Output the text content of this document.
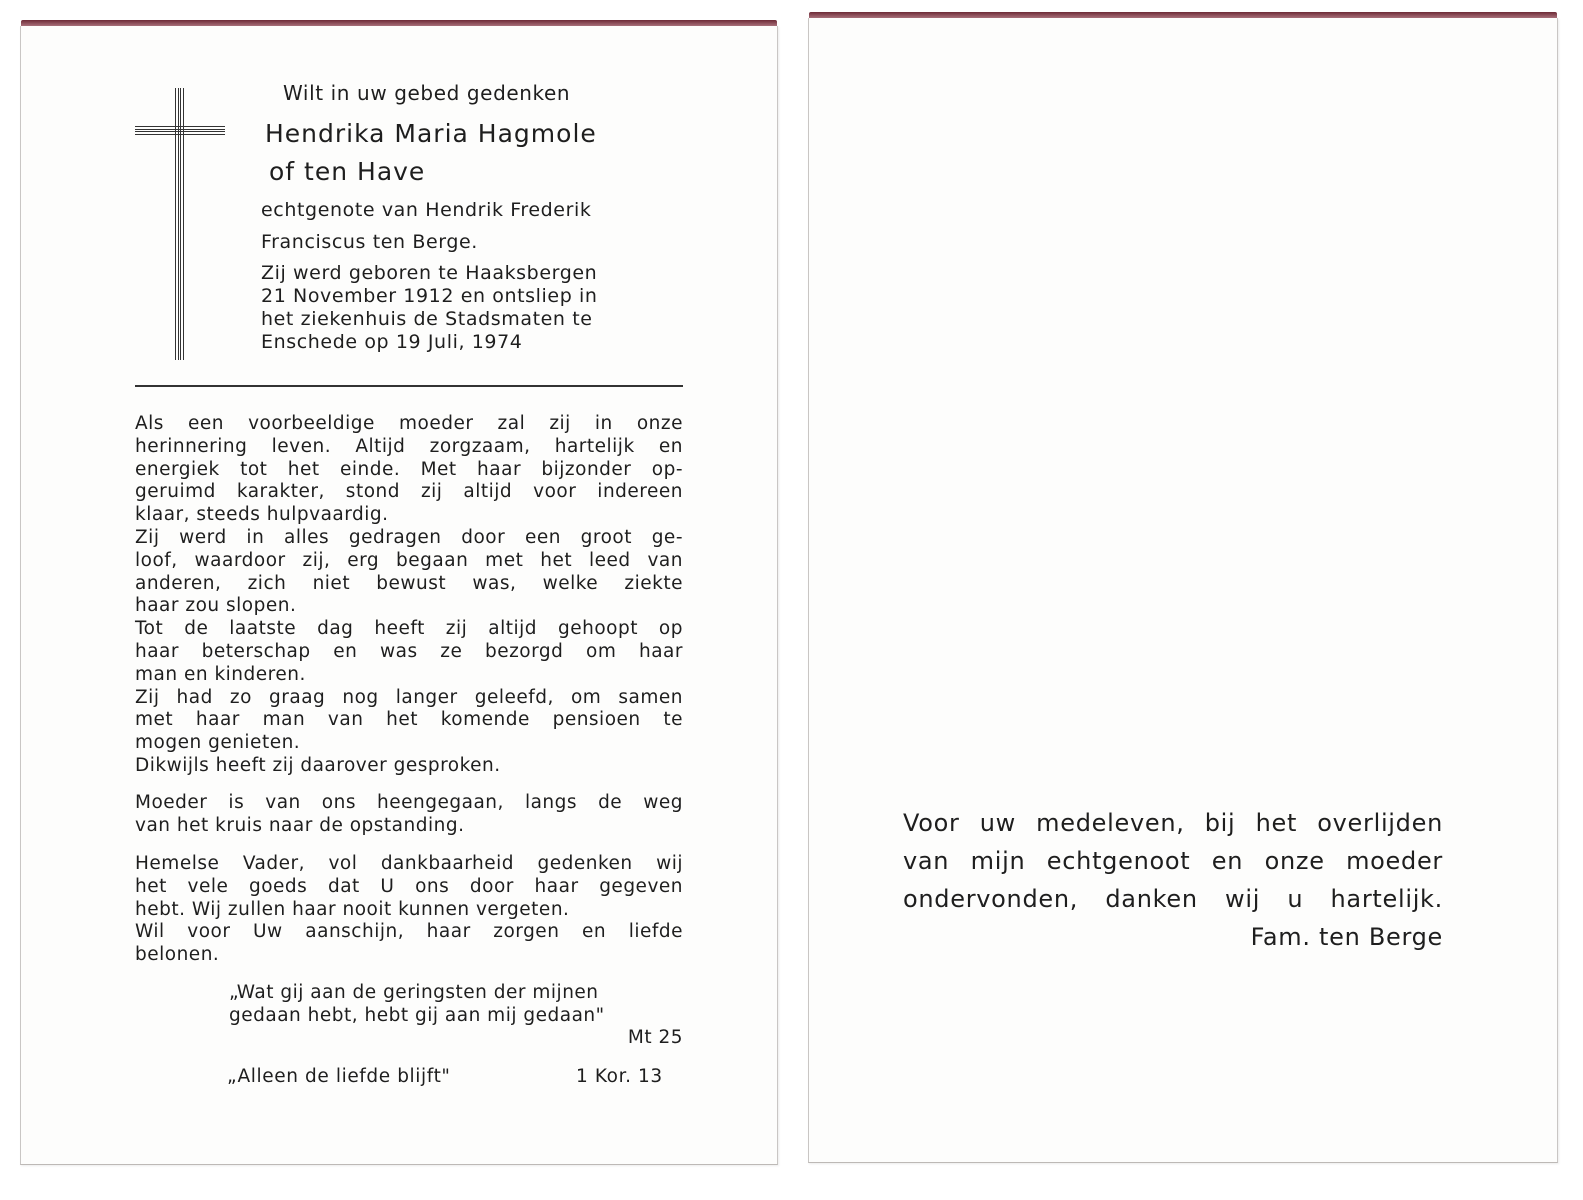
Wilt in uw gebed gedenken
Hendrika Maria Hagmole
of ten Have
echtgenote van Hendrik Frederik
Franciscus ten Berge.
Zij werd geboren te Haaksbergen
21 November 1912 en ontsliep in
het ziekenhuis de Stadsmaten te
Enschede op 19 Juli, 1974
Als een voorbeeldige moeder zal zij in onze
herinnering leven. Altijd zorgzaam, hartelijk en
energiek tot het einde. Met haar bijzonder op-
geruimd karakter, stond zij altijd voor indereen
klaar, steeds hulpvaardig.
Zij werd in alles gedragen door een groot ge-
loof, waardoor zij, erg begaan met het leed van
anderen, zich niet bewust was, welke ziekte
haar zou slopen.
Tot de laatste dag heeft zij altijd gehoopt op
haar beterschap en was ze bezorgd om haar
man en kinderen.
Zij had zo graag nog langer geleefd, om samen
met haar man van het komende pensioen te
mogen genieten.
Dikwijls heeft zij daarover gesproken.
Moeder is van ons heengegaan, langs de weg
van het kruis naar de opstanding.
Hemelse Vader, vol dankbaarheid gedenken wij
het vele goeds dat U ons door haar gegeven
hebt. Wij zullen haar nooit kunnen vergeten.
Wil voor Uw aanschijn, haar zorgen en liefde
belonen.
„Wat gij aan de geringsten der mijnen
gedaan hebt, hebt gij aan mij gedaan"
Mt 25
„Alleen de liefde blijft"	1 Kor. 13
Voor uw medeleven, bij het overlijden
van mijn echtgenoot en onze moeder
ondervonden, danken wij u hartelijk.
Fam. ten Berge
